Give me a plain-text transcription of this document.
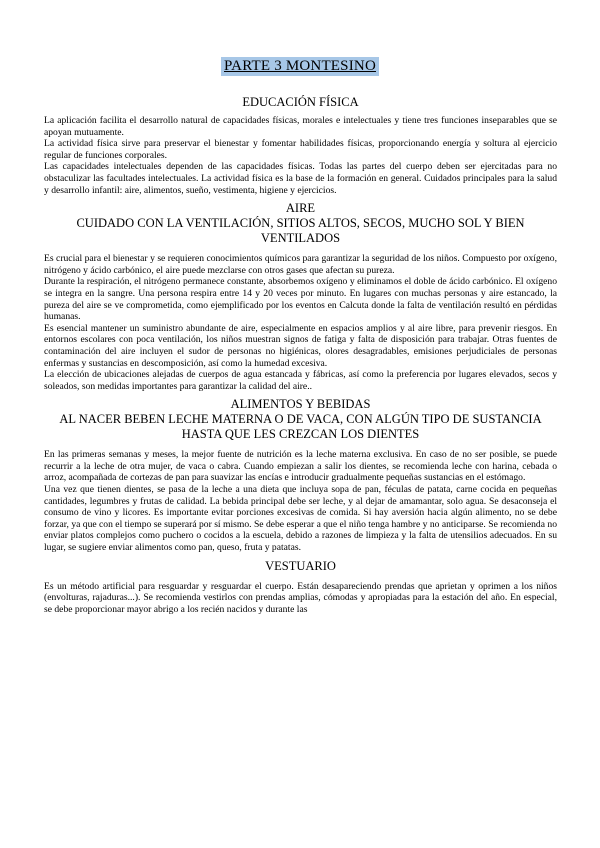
PARTE 3 MONTESINO

EDUCACIÓN FÍSICA

La aplicación facilita el desarrollo natural de capacidades físicas, morales e intelectuales y tiene tres funciones inseparables que se apoyan mutuamente.

La actividad física sirve para preservar el bienestar y fomentar habilidades físicas, proporcionando energía y soltura al ejercicio regular de funciones corporales.

Las capacidades intelectuales dependen de las capacidades físicas. Todas las partes del cuerpo deben ser ejercitadas para no obstaculizar las facultades intelectuales. La actividad física es la base de la formación en general. Cuidados principales para la salud y desarrollo infantil: aire, alimentos, sueño, vestimenta, higiene y ejercicios.

AIRE

CUIDADO CON LA VENTILACIÓN, SITIOS ALTOS, SECOS, MUCHO SOL Y BIEN VENTILADOS

Es crucial para el bienestar y se requieren conocimientos químicos para garantizar la seguridad de los niños. Compuesto por oxígeno, nitrógeno y ácido carbónico, el aire puede mezclarse con otros gases que afectan su pureza.

Durante la respiración, el nitrógeno permanece constante, absorbemos oxígeno y eliminamos el doble de ácido carbónico. El oxígeno se integra en la sangre. Una persona respira entre 14 y 20 veces por minuto. En lugares con muchas personas y aire estancado, la pureza del aire se ve comprometida, como ejemplificado por los eventos en Calcuta donde la falta de ventilación resultó en pérdidas humanas.

Es esencial mantener un suministro abundante de aire, especialmente en espacios amplios y al aire libre, para prevenir riesgos. En entornos escolares con poca ventilación, los niños muestran signos de fatiga y falta de disposición para trabajar. Otras fuentes de contaminación del aire incluyen el sudor de personas no higiénicas, olores desagradables, emisiones perjudiciales de personas enfermas y sustancias en descomposición, así como la humedad excesiva.

La elección de ubicaciones alejadas de cuerpos de agua estancada y fábricas, así como la preferencia por lugares elevados, secos y soleados, son medidas importantes para garantizar la calidad del aire..

ALIMENTOS Y BEBIDAS

AL NACER BEBEN LECHE MATERNA O DE VACA, CON ALGÚN TIPO DE SUSTANCIA HASTA QUE LES CREZCAN LOS DIENTES

En las primeras semanas y meses, la mejor fuente de nutrición es la leche materna exclusiva. En caso de no ser posible, se puede recurrir a la leche de otra mujer, de vaca o cabra. Cuando empiezan a salir los dientes, se recomienda leche con harina, cebada o arroz, acompañada de cortezas de pan para suavizar las encías e introducir gradualmente pequeñas sustancias en el estómago.

Una vez que tienen dientes, se pasa de la leche a una dieta que incluya sopa de pan, féculas de patata, carne cocida en pequeñas cantidades, legumbres y frutas de calidad. La bebida principal debe ser leche, y al dejar de amamantar, solo agua. Se desaconseja el consumo de vino y licores. Es importante evitar porciones excesivas de comida. Si hay aversión hacia algún alimento, no se debe forzar, ya que con el tiempo se superará por sí mismo. Se debe esperar a que el niño tenga hambre y no anticiparse. Se recomienda no enviar platos complejos como puchero o cocidos a la escuela, debido a razones de limpieza y la falta de utensilios adecuados. En su lugar, se sugiere enviar alimentos como pan, queso, fruta y patatas.

VESTUARIO

Es un método artificial para resguardar y resguardar el cuerpo. Están desapareciendo prendas que aprietan y oprimen a los niños (envolturas, rajaduras...). Se recomienda vestirlos con prendas amplias, cómodas y apropiadas para la estación del año. En especial, se debe proporcionar mayor abrigo a los recién nacidos y durante las
